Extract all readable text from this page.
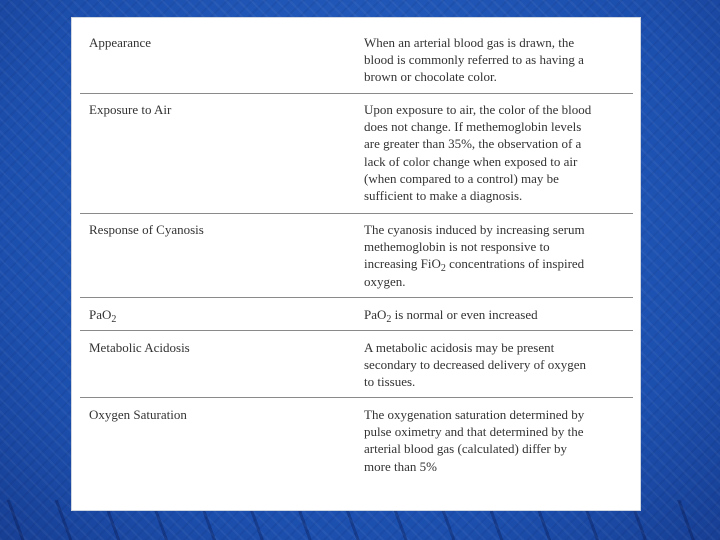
Appearance	When an arterial blood gas is drawn, the
blood is commonly referred to as having a
brown or chocolate color.
Exposure to Air	Upon exposure to air, the color of the blood
does not change. If methemoglobin levels
are greater than 35%, the observation of a
lack of color change when exposed to air
(when compared to a control) may be
sufficient to make a diagnosis.
Response of Cyanosis	The cyanosis induced by increasing serum
methemoglobin is not responsive to
increasing FiO$_2$ concentrations of inspired
oxygen.
PaO$_2$	PaO$_2$ is normal or even increased
Metabolic Acidosis	A metabolic acidosis may be present
secondary to decreased delivery of oxygen
to tissues.
Oxygen Saturation	The oxygenation saturation determined by
pulse oximetry and that determined by the
arterial blood gas (calculated) differ by
more than 5%
